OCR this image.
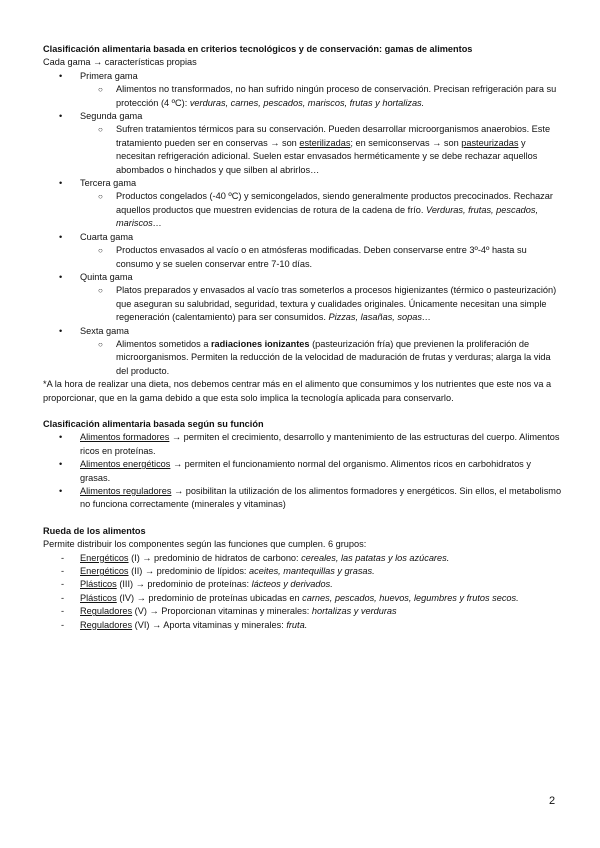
Clasificación alimentaria basada en criterios tecnológicos y de conservación: gamas de alimentos

Cada gama → características propias

• Primera gama
○ Alimentos no transformados, no han sufrido ningún proceso de conservación. Precisan refrigeración para su protección (4 ºC): verduras, carnes, pescados, mariscos, frutas y hortalizas.
• Segunda gama
○ Sufren tratamientos térmicos para su conservación. Pueden desarrollar microorganismos anaerobios. Este tratamiento pueden ser en conservas → son esterilizadas; en semiconservas → son pasteurizadas y necesitan refrigeración adicional. Suelen estar envasados herméticamente y se debe rechazar aquellos abombados o hinchados y que silben al abrirlos…
• Tercera gama
○ Productos congelados (-40 ºC) y semicongelados, siendo generalmente productos precocinados. Rechazar aquellos productos que muestren evidencias de rotura de la cadena de frío. Verduras, frutas, pescados, mariscos…
• Cuarta gama
○ Productos envasados al vacío o en atmósferas modificadas. Deben conservarse entre 3º-4º hasta su consumo y se suelen conservar entre 7-10 días.
• Quinta gama
○ Platos preparados y envasados al vacío tras someterlos a procesos higienizantes (térmico o pasteurización) que aseguran su salubridad, seguridad, textura y cualidades originales. Únicamente necesitan una simple regeneración (calentamiento) para ser consumidos. Pizzas, lasañas, sopas…
• Sexta gama
○ Alimentos sometidos a radiaciones ionizantes (pasteurización fría) que previenen la proliferación de microorganismos. Permiten la reducción de la velocidad de maduración de frutas y verduras; alarga la vida del producto.

*A la hora de realizar una dieta, nos debemos centrar más en el alimento que consumimos y los nutrientes que este nos va a proporcionar, que en la gama debido a que esta solo implica la tecnología aplicada para conservarlo.

Clasificación alimentaria basada según su función

• Alimentos formadores → permiten el crecimiento, desarrollo y mantenimiento de las estructuras del cuerpo. Alimentos ricos en proteínas.
• Alimentos energéticos → permiten el funcionamiento normal del organismo. Alimentos ricos en carbohidratos y grasas.
• Alimentos reguladores → posibilitan la utilización de los alimentos formadores y energéticos. Sin ellos, el metabolismo no funciona correctamente (minerales y vitaminas)

Rueda de los alimentos

Permite distribuir los componentes según las funciones que cumplen. 6 grupos:

- Energéticos (I) → predominio de hidratos de carbono: cereales, las patatas y los azúcares.
- Energéticos (II) → predominio de lípidos: aceites, mantequillas y grasas.
- Plásticos (III) → predominio de proteínas: lácteos y derivados.
- Plásticos (IV) → predominio de proteínas ubicadas en carnes, pescados, huevos, legumbres y frutos secos.
- Reguladores (V) → Proporcionan vitaminas y minerales: hortalizas y verduras
- Reguladores (VI) → Aporta vitaminas y minerales: fruta.
2
